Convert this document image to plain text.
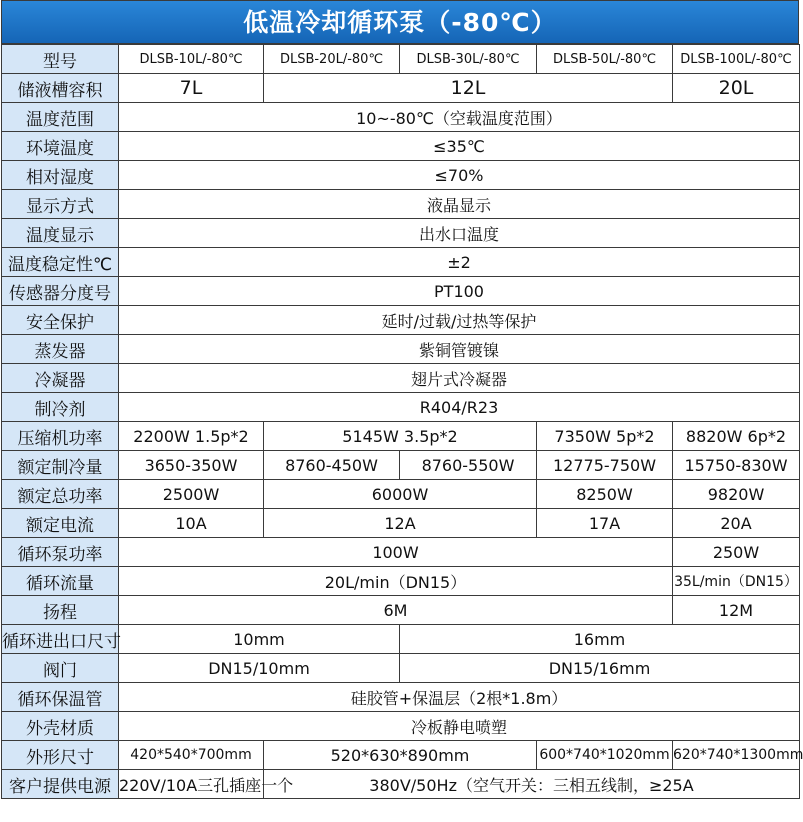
低温冷却循环泵（-80℃）
型号	DLSB-10L/-80℃	DLSB-20L/-80℃	DLSB-30L/-80℃	DLSB-50L/-80℃	DLSB-100L/-80℃
储液槽容积	7L	12L			20L
温度范围	10~-80℃（空载温度范围）				
环境温度	≤35℃				
相对湿度	≤70%				
显示方式	液晶显示				
温度显示	出水口温度				
温度稳定性℃	±2				
传感器分度号	PT100				
安全保护	延时/过载/过热等保护				
蒸发器	紫铜管镀镍				
冷凝器	翅片式冷凝器				
制冷剂	R404/R23				
压缩机功率	2200W 1.5p*2	5145W 3.5p*2		7350W 5p*2	8820W 6p*2
额定制冷量	3650-350W	8760-450W	8760-550W	12775-750W	15750-830W
额定总功率	2500W	6000W		8250W	9820W
额定电流	10A	12A		17A	20A
循环泵功率	100W				250W
循环流量	20L/min（DN15）				35L/min（DN15）
扬程	6M				12M
循环进出口尺寸	10mm		16mm		
阀门	DN15/10mm		DN15/16mm		
循环保温管	硅胶管+保温层（2根*1.8m）				
外壳材质	冷板静电喷塑				
外形尺寸	420*540*700mm	520*630*890mm		600*740*1020mm	620*740*1300mm
客户提供电源	220V/10A三孔插座一个	380V/50Hz（空气开关：三相五线制，≥25A			
